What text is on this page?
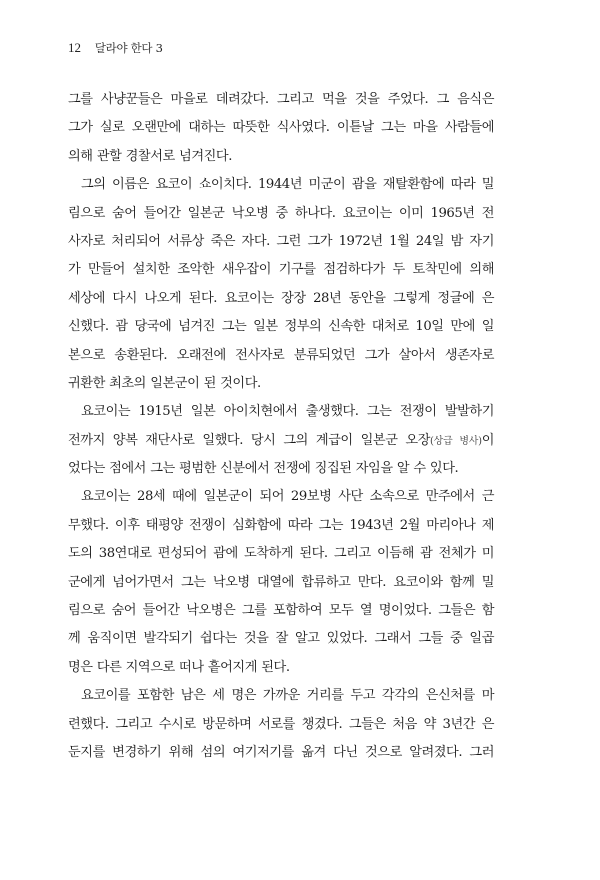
12 달라야 한다 3
그를 사냥꾼들은 마을로 데려갔다. 그리고 먹을 것을 주었다. 그 음식은
그가 실로 오랜만에 대하는 따뜻한 식사였다. 이튿날 그는 마을 사람들에
의해 관할 경찰서로 넘겨진다.
그의 이름은 요코이 쇼이치다. 1944년 미군이 괌을 재탈환함에 따라 밀
림으로 숨어 들어간 일본군 낙오병 중 하나다. 요코이는 이미 1965년 전
사자로 처리되어 서류상 죽은 자다. 그런 그가 1972년 1월 24일 밤 자기
가 만들어 설치한 조악한 새우잡이 기구를 점검하다가 두 토착민에 의해
세상에 다시 나오게 된다. 요코이는 장장 28년 동안을 그렇게 정글에 은
신했다. 괌 당국에 넘겨진 그는 일본 정부의 신속한 대처로 10일 만에 일
본으로 송환된다. 오래전에 전사자로 분류되었던 그가 살아서 생존자로
귀환한 최초의 일본군이 된 것이다.
요코이는 1915년 일본 아이치현에서 출생했다. 그는 전쟁이 발발하기
전까지 양복 재단사로 일했다. 당시 그의 계급이 일본군 오장(상급 병사)이
었다는 점에서 그는 평범한 신분에서 전쟁에 징집된 자임을 알 수 있다.
요코이는 28세 때에 일본군이 되어 29보병 사단 소속으로 만주에서 근
무했다. 이후 태평양 전쟁이 심화함에 따라 그는 1943년 2월 마리아나 제
도의 38연대로 편성되어 괌에 도착하게 된다. 그리고 이듬해 괌 전체가 미
군에게 넘어가면서 그는 낙오병 대열에 합류하고 만다. 요코이와 함께 밀
림으로 숨어 들어간 낙오병은 그를 포함하여 모두 열 명이었다. 그들은 함
께 움직이면 발각되기 쉽다는 것을 잘 알고 있었다. 그래서 그들 중 일곱
명은 다른 지역으로 떠나 흩어지게 된다.
요코이를 포함한 남은 세 명은 가까운 거리를 두고 각각의 은신처를 마
련했다. 그리고 수시로 방문하며 서로를 챙겼다. 그들은 처음 약 3년간 은
둔지를 변경하기 위해 섬의 여기저기를 옮겨 다닌 것으로 알려졌다. 그러
